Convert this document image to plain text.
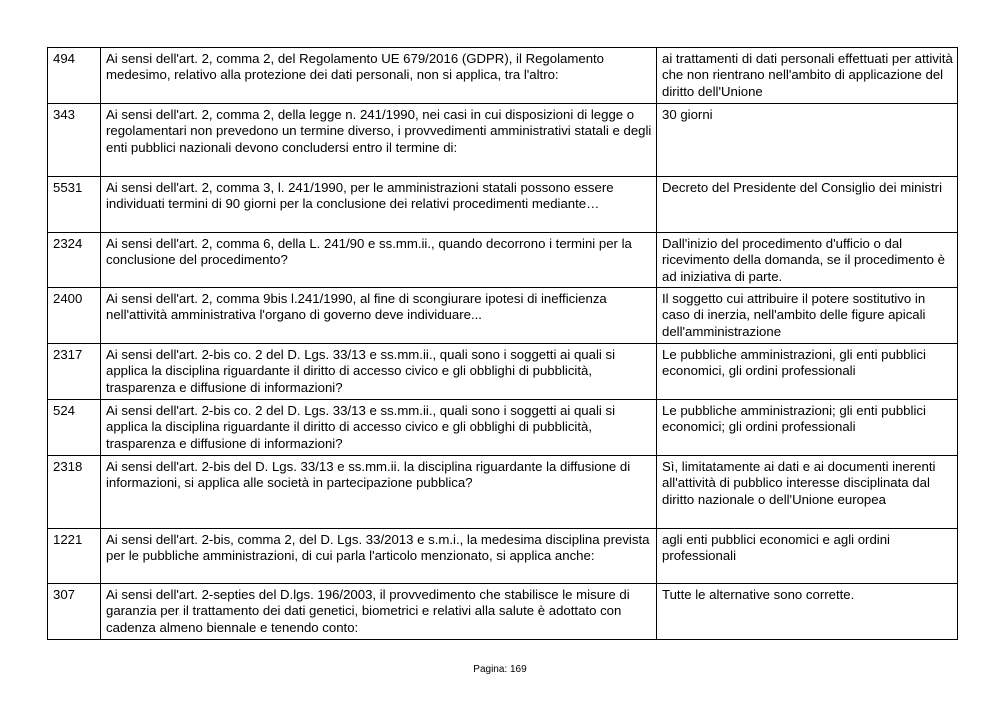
494	Ai sensi dell'art. 2, comma 2, del Regolamento UE 679/2016 (GDPR), il Regolamento medesimo, relativo alla protezione dei dati personali, non si applica, tra l'altro:	ai trattamenti di dati personali effettuati per attività che non rientrano nell'ambito di applicazione del diritto dell'Unione
343	Ai sensi dell'art. 2, comma 2, della legge n. 241/1990, nei casi in cui disposizioni di legge o regolamentari non prevedono un termine diverso, i provvedimenti amministrativi statali e degli enti pubblici nazionali devono concludersi entro il termine di:	30 giorni
5531	Ai sensi dell'art. 2, comma 3, l. 241/1990, per le amministrazioni statali possono essere individuati termini di 90 giorni per la conclusione dei relativi procedimenti mediante…	Decreto del Presidente del Consiglio dei ministri
2324	Ai sensi dell'art. 2, comma 6, della L. 241/90 e ss.mm.ii., quando decorrono i termini per la conclusione del procedimento?	Dall'inizio del procedimento d'ufficio o dal ricevimento della domanda, se il procedimento è ad iniziativa di parte.
2400	Ai sensi dell'art. 2, comma 9bis l.241/1990, al fine di scongiurare ipotesi di inefficienza nell'attività amministrativa l'organo di governo deve individuare...	Il soggetto cui attribuire il potere sostitutivo in caso di inerzia, nell'ambito delle figure apicali dell'amministrazione
2317	Ai sensi dell'art. 2-bis co. 2 del D. Lgs. 33/13 e ss.mm.ii., quali sono i soggetti ai quali si applica la disciplina riguardante il diritto di accesso civico e gli obblighi di pubblicità, trasparenza e diffusione di informazioni?	Le pubbliche amministrazioni, gli enti pubblici economici, gli ordini professionali
524	Ai sensi dell'art. 2-bis co. 2 del D. Lgs. 33/13 e ss.mm.ii., quali sono i soggetti ai quali si applica la disciplina riguardante il diritto di accesso civico e gli obblighi di pubblicità, trasparenza e diffusione di informazioni?	Le pubbliche amministrazioni; gli enti pubblici economici; gli ordini professionali
2318	Ai sensi dell'art. 2-bis del D. Lgs. 33/13 e ss.mm.ii. la disciplina riguardante la diffusione di informazioni, si applica alle società in partecipazione pubblica?	Sì, limitatamente ai dati e ai documenti inerenti all'attività di pubblico interesse disciplinata dal diritto nazionale o dell'Unione europea
1221	Ai sensi dell'art. 2-bis, comma 2, del D. Lgs. 33/2013 e s.m.i., la medesima disciplina prevista per le pubbliche amministrazioni, di cui parla l'articolo menzionato, si applica anche:	agli enti pubblici economici e agli ordini professionali
307	Ai sensi dell'art. 2-septies del D.lgs. 196/2003, il provvedimento che stabilisce le misure di garanzia per il trattamento dei dati genetici, biometrici e relativi alla salute è adottato con cadenza almeno biennale e tenendo conto:	Tutte le alternative sono corrette.
Pagina: 169
